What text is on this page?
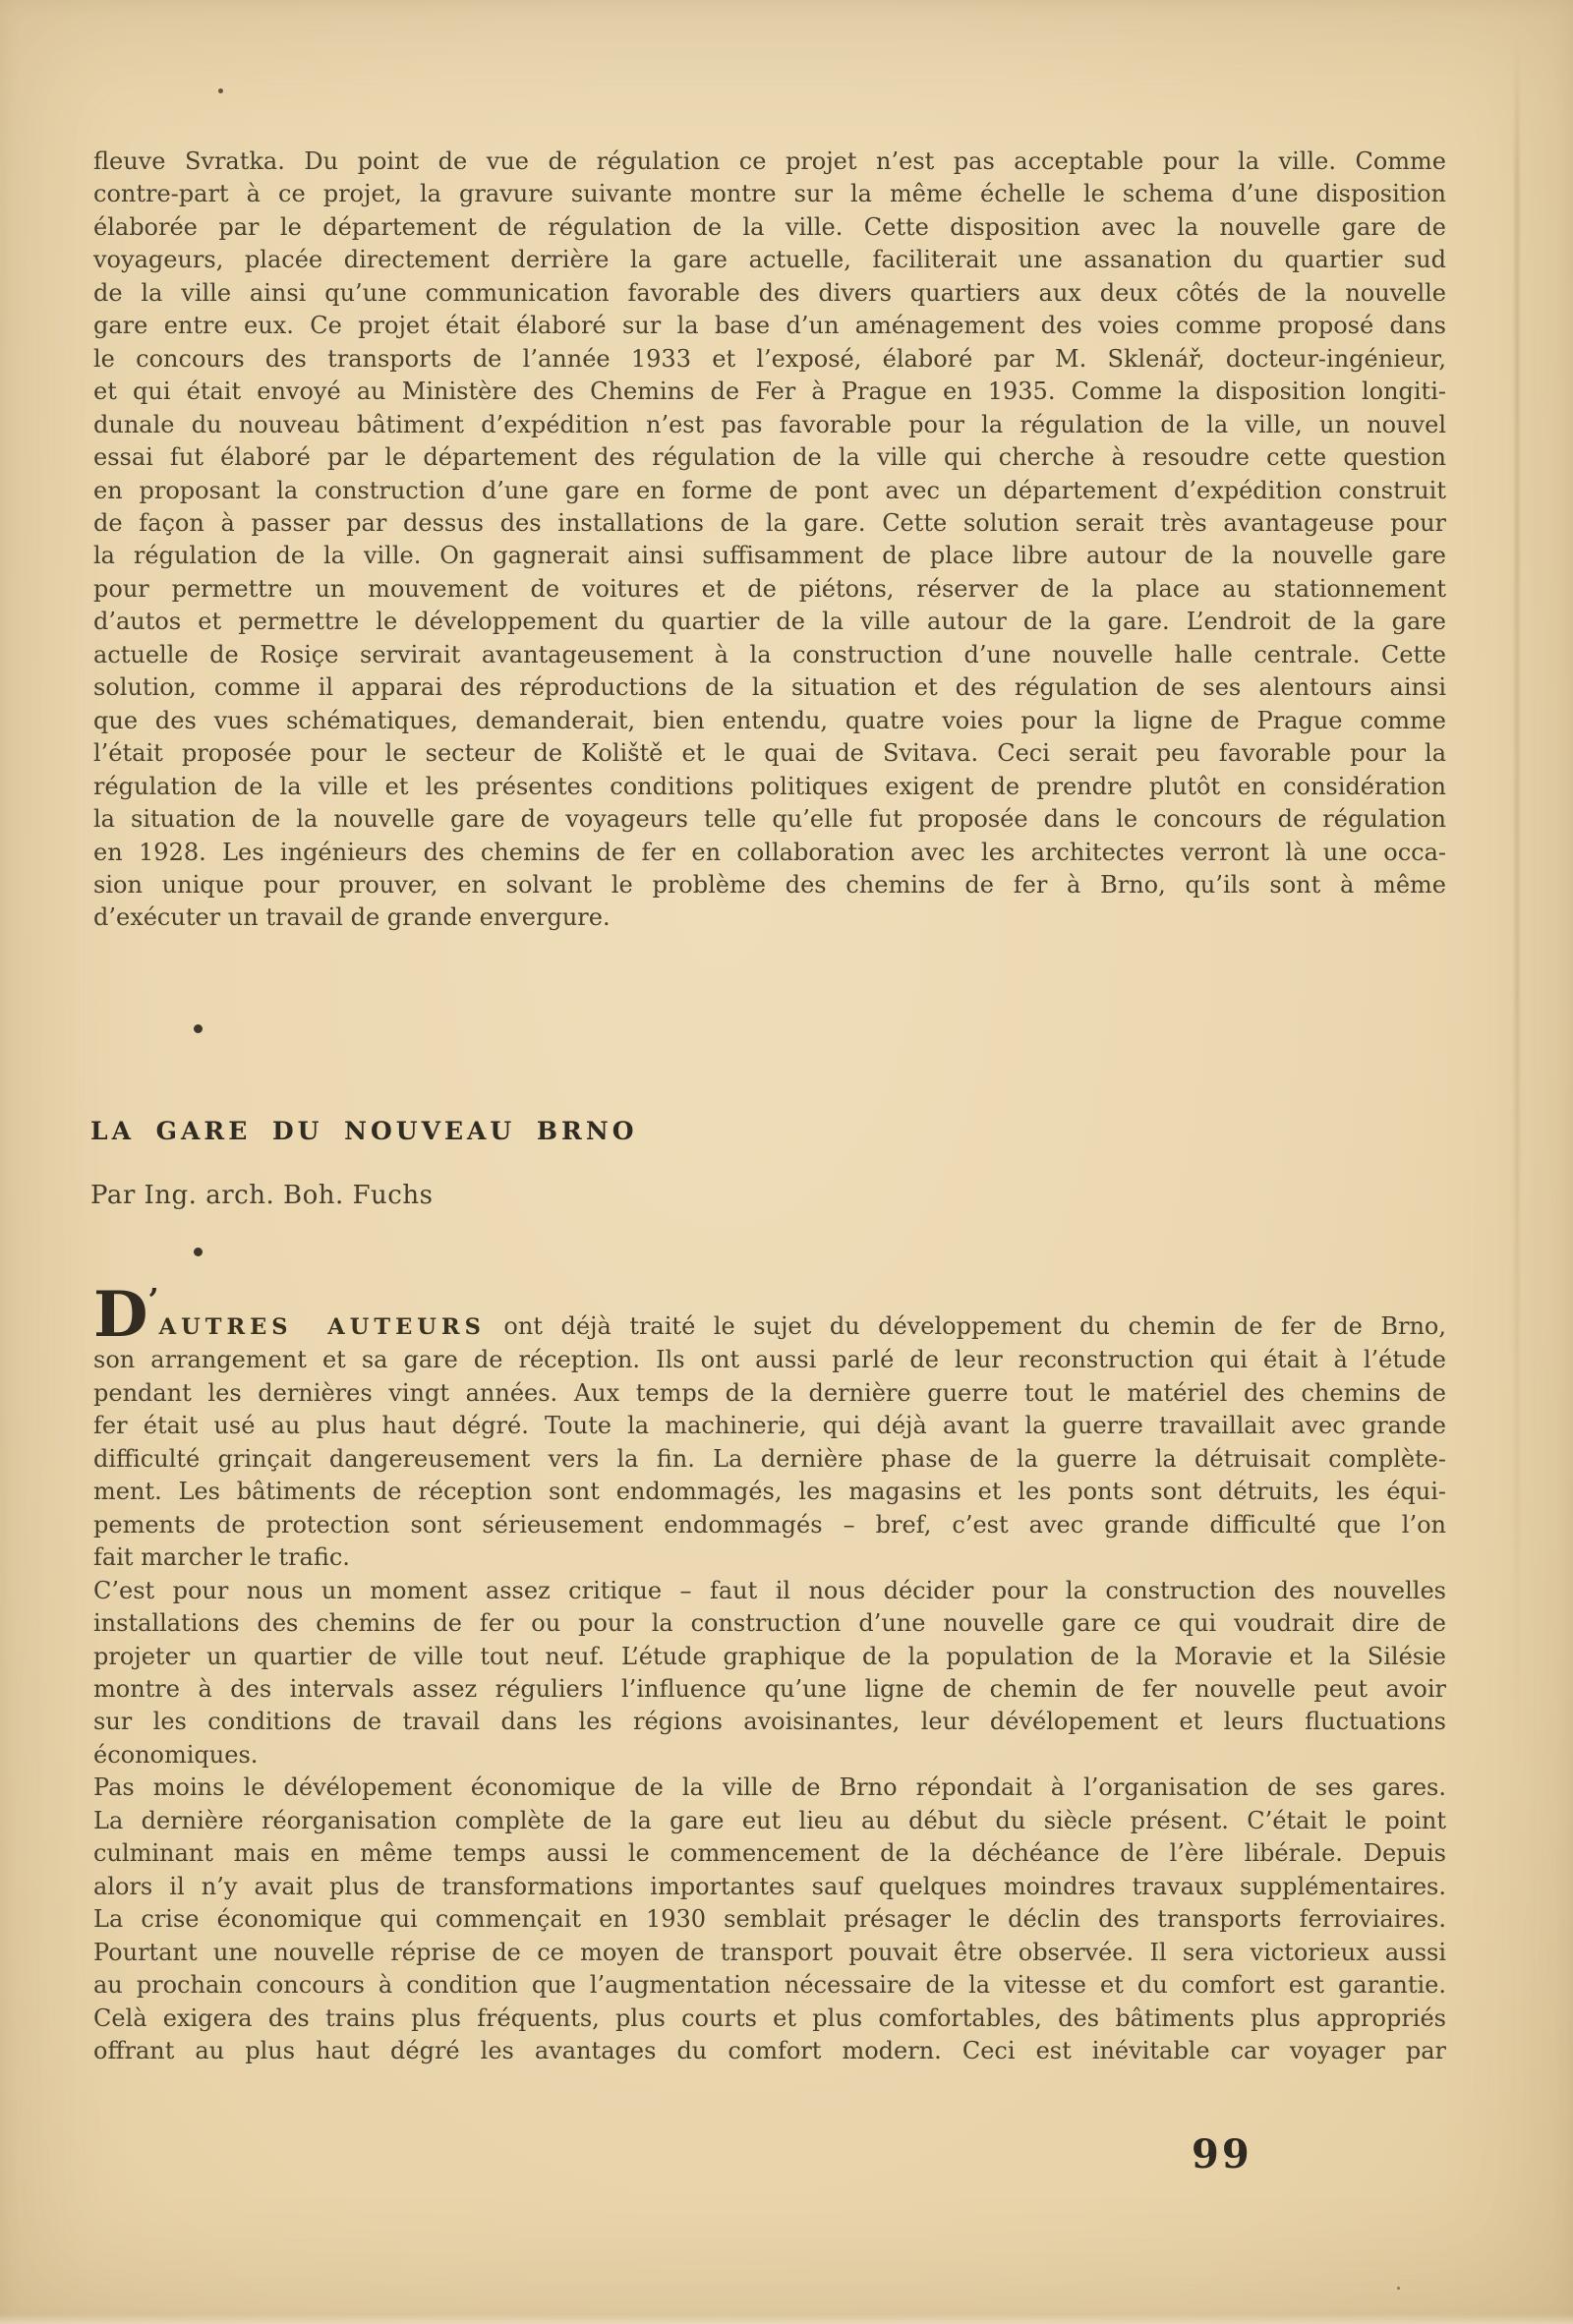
fleuve Svratka. Du point de vue de régulation ce projet n’est pas acceptable pour la ville. Comme
contre-part à ce projet, la gravure suivante montre sur la même échelle le schema d’une disposition
élaborée par le département de régulation de la ville. Cette disposition avec la nouvelle gare de
voyageurs, placée directement derrière la gare actuelle, faciliterait une assanation du quartier sud
de la ville ainsi qu’une communication favorable des divers quartiers aux deux côtés de la nouvelle
gare entre eux. Ce projet était élaboré sur la base d’un aménagement des voies comme proposé dans
le concours des transports de l’année 1933 et l’exposé, élaboré par M. Sklenář, docteur-ingénieur,
et qui était envoyé au Ministère des Chemins de Fer à Prague en 1935. Comme la disposition longiti-
dunale du nouveau bâtiment d’expédition n’est pas favorable pour la régulation de la ville, un nouvel
essai fut élaboré par le département des régulation de la ville qui cherche à resoudre cette question
en proposant la construction d’une gare en forme de pont avec un département d’expédition construit
de façon à passer par dessus des installations de la gare. Cette solution serait très avantageuse pour
la régulation de la ville. On gagnerait ainsi suffisamment de place libre autour de la nouvelle gare
pour permettre un mouvement de voitures et de piétons, réserver de la place au stationnement
d’autos et permettre le développement du quartier de la ville autour de la gare. L’endroit de la gare
actuelle de Rosiçe servirait avantageusement à la construction d’une nouvelle halle centrale. Cette
solution, comme il apparai des réproductions de la situation et des régulation de ses alentours ainsi
que des vues schématiques, demanderait, bien entendu, quatre voies pour la ligne de Prague comme
l’était proposée pour le secteur de Koliště et le quai de Svitava. Ceci serait peu favorable pour la
régulation de la ville et les présentes conditions politiques exigent de prendre plutôt en considération
la situation de la nouvelle gare de voyageurs telle qu’elle fut proposée dans le concours de régulation
en 1928. Les ingénieurs des chemins de fer en collaboration avec les architectes verront là une occa-
sion unique pour prouver, en solvant le problème des chemins de fer à Brno, qu’ils sont à même
d’exécuter un travail de grande envergure.
LA GARE DU NOUVEAU BRNO
Par Ing. arch. Boh. Fuchs
D’AUTRES AUTEURS ont déjà traité le sujet du développement du chemin de fer de Brno,
son arrangement et sa gare de réception. Ils ont aussi parlé de leur reconstruction qui était à l’étude
pendant les dernières vingt années. Aux temps de la dernière guerre tout le matériel des chemins de
fer était usé au plus haut dégré. Toute la machinerie, qui déjà avant la guerre travaillait avec grande
difficulté grinçait dangereusement vers la fin. La dernière phase de la guerre la détruisait complète-
ment. Les bâtiments de réception sont endommagés, les magasins et les ponts sont détruits, les équi-
pements de protection sont sérieusement endommagés – bref, c’est avec grande difficulté que l’on
fait marcher le trafic.
C’est pour nous un moment assez critique – faut il nous décider pour la construction des nouvelles
installations des chemins de fer ou pour la construction d’une nouvelle gare ce qui voudrait dire de
projeter un quartier de ville tout neuf. L’étude graphique de la population de la Moravie et la Silésie
montre à des intervals assez réguliers l’influence qu’une ligne de chemin de fer nouvelle peut avoir
sur les conditions de travail dans les régions avoisinantes, leur dévélopement et leurs fluctuations
économiques.
Pas moins le dévélopement économique de la ville de Brno répondait à l’organisation de ses gares.
La dernière réorganisation complète de la gare eut lieu au début du siècle présent. C’était le point
culminant mais en même temps aussi le commencement de la déchéance de l’ère libérale. Depuis
alors il n’y avait plus de transformations importantes sauf quelques moindres travaux supplémentaires.
La crise économique qui commençait en 1930 semblait présager le déclin des transports ferroviaires.
Pourtant une nouvelle réprise de ce moyen de transport pouvait être observée. Il sera victorieux aussi
au prochain concours à condition que l’augmentation nécessaire de la vitesse et du comfort est garantie.
Celà exigera des trains plus fréquents, plus courts et plus comfortables, des bâtiments plus appropriés
offrant au plus haut dégré les avantages du comfort modern. Ceci est inévitable car voyager par
99
